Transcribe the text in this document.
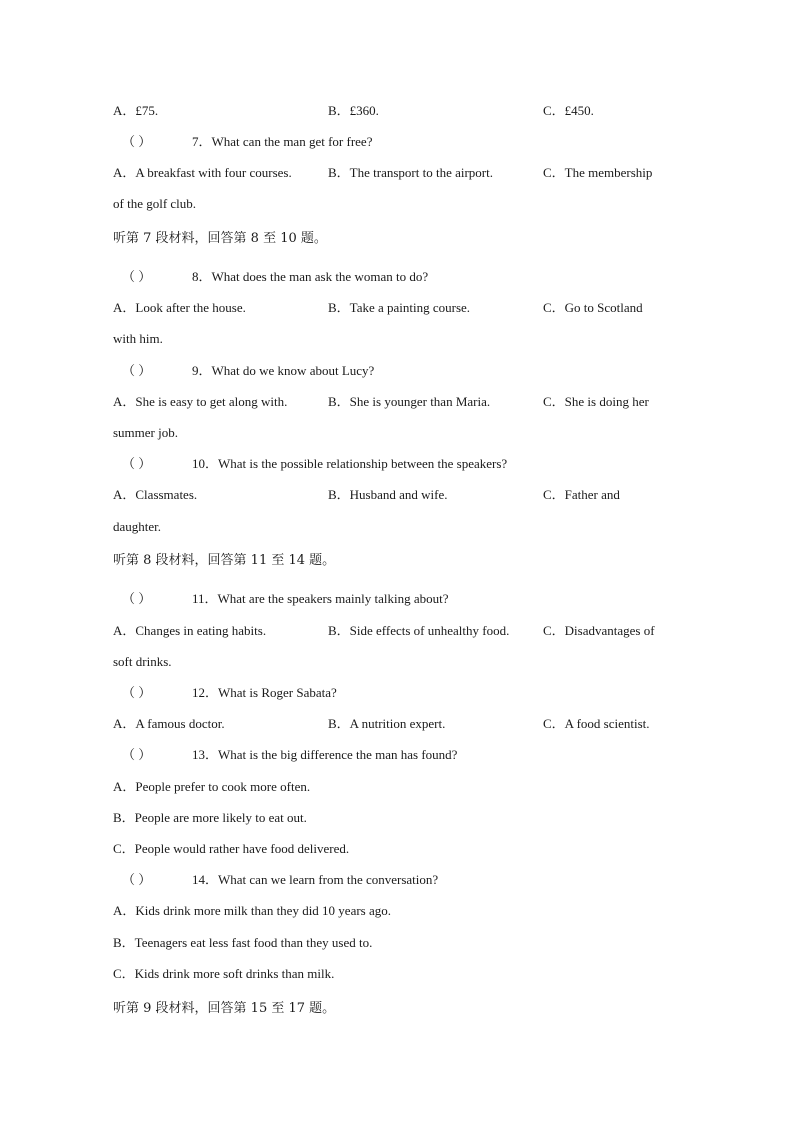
A．£75.	B．£360.	C．£450.
（ ）	7．What can the man get for free?
A．A breakfast with four courses.	B．The transport to the airport.	C．The membership
of the golf club.
听第 7 段材料，回答第 8 至 10 题。
（ ）	8．What does the man ask the woman to do?
A．Look after the house.	B．Take a painting course.	C．Go to Scotland
with him.
（ ）	9．What do we know about Lucy?
A．She is easy to get along with.	B．She is younger than Maria.	C．She is doing her
summer job.
（ ）	10．What is the possible relationship between the speakers?
A．Classmates.	B．Husband and wife.	C．Father and
daughter.
听第 8 段材料，回答第 11 至 14 题。
（ ）	11．What are the speakers mainly talking about?
A．Changes in eating habits.	B．Side effects of unhealthy food.	C．Disadvantages of
soft drinks.
（ ）	12．What is Roger Sabata?
A．A famous doctor.	B．A nutrition expert.	C．A food scientist.
（ ）	13．What is the big difference the man has found?
A．People prefer to cook more often.
B．People are more likely to eat out.
C．People would rather have food delivered.
（ ）	14．What can we learn from the conversation?
A．Kids drink more milk than they did 10 years ago.
B．Teenagers eat less fast food than they used to.
C．Kids drink more soft drinks than milk.
听第 9 段材料，回答第 15 至 17 题。
